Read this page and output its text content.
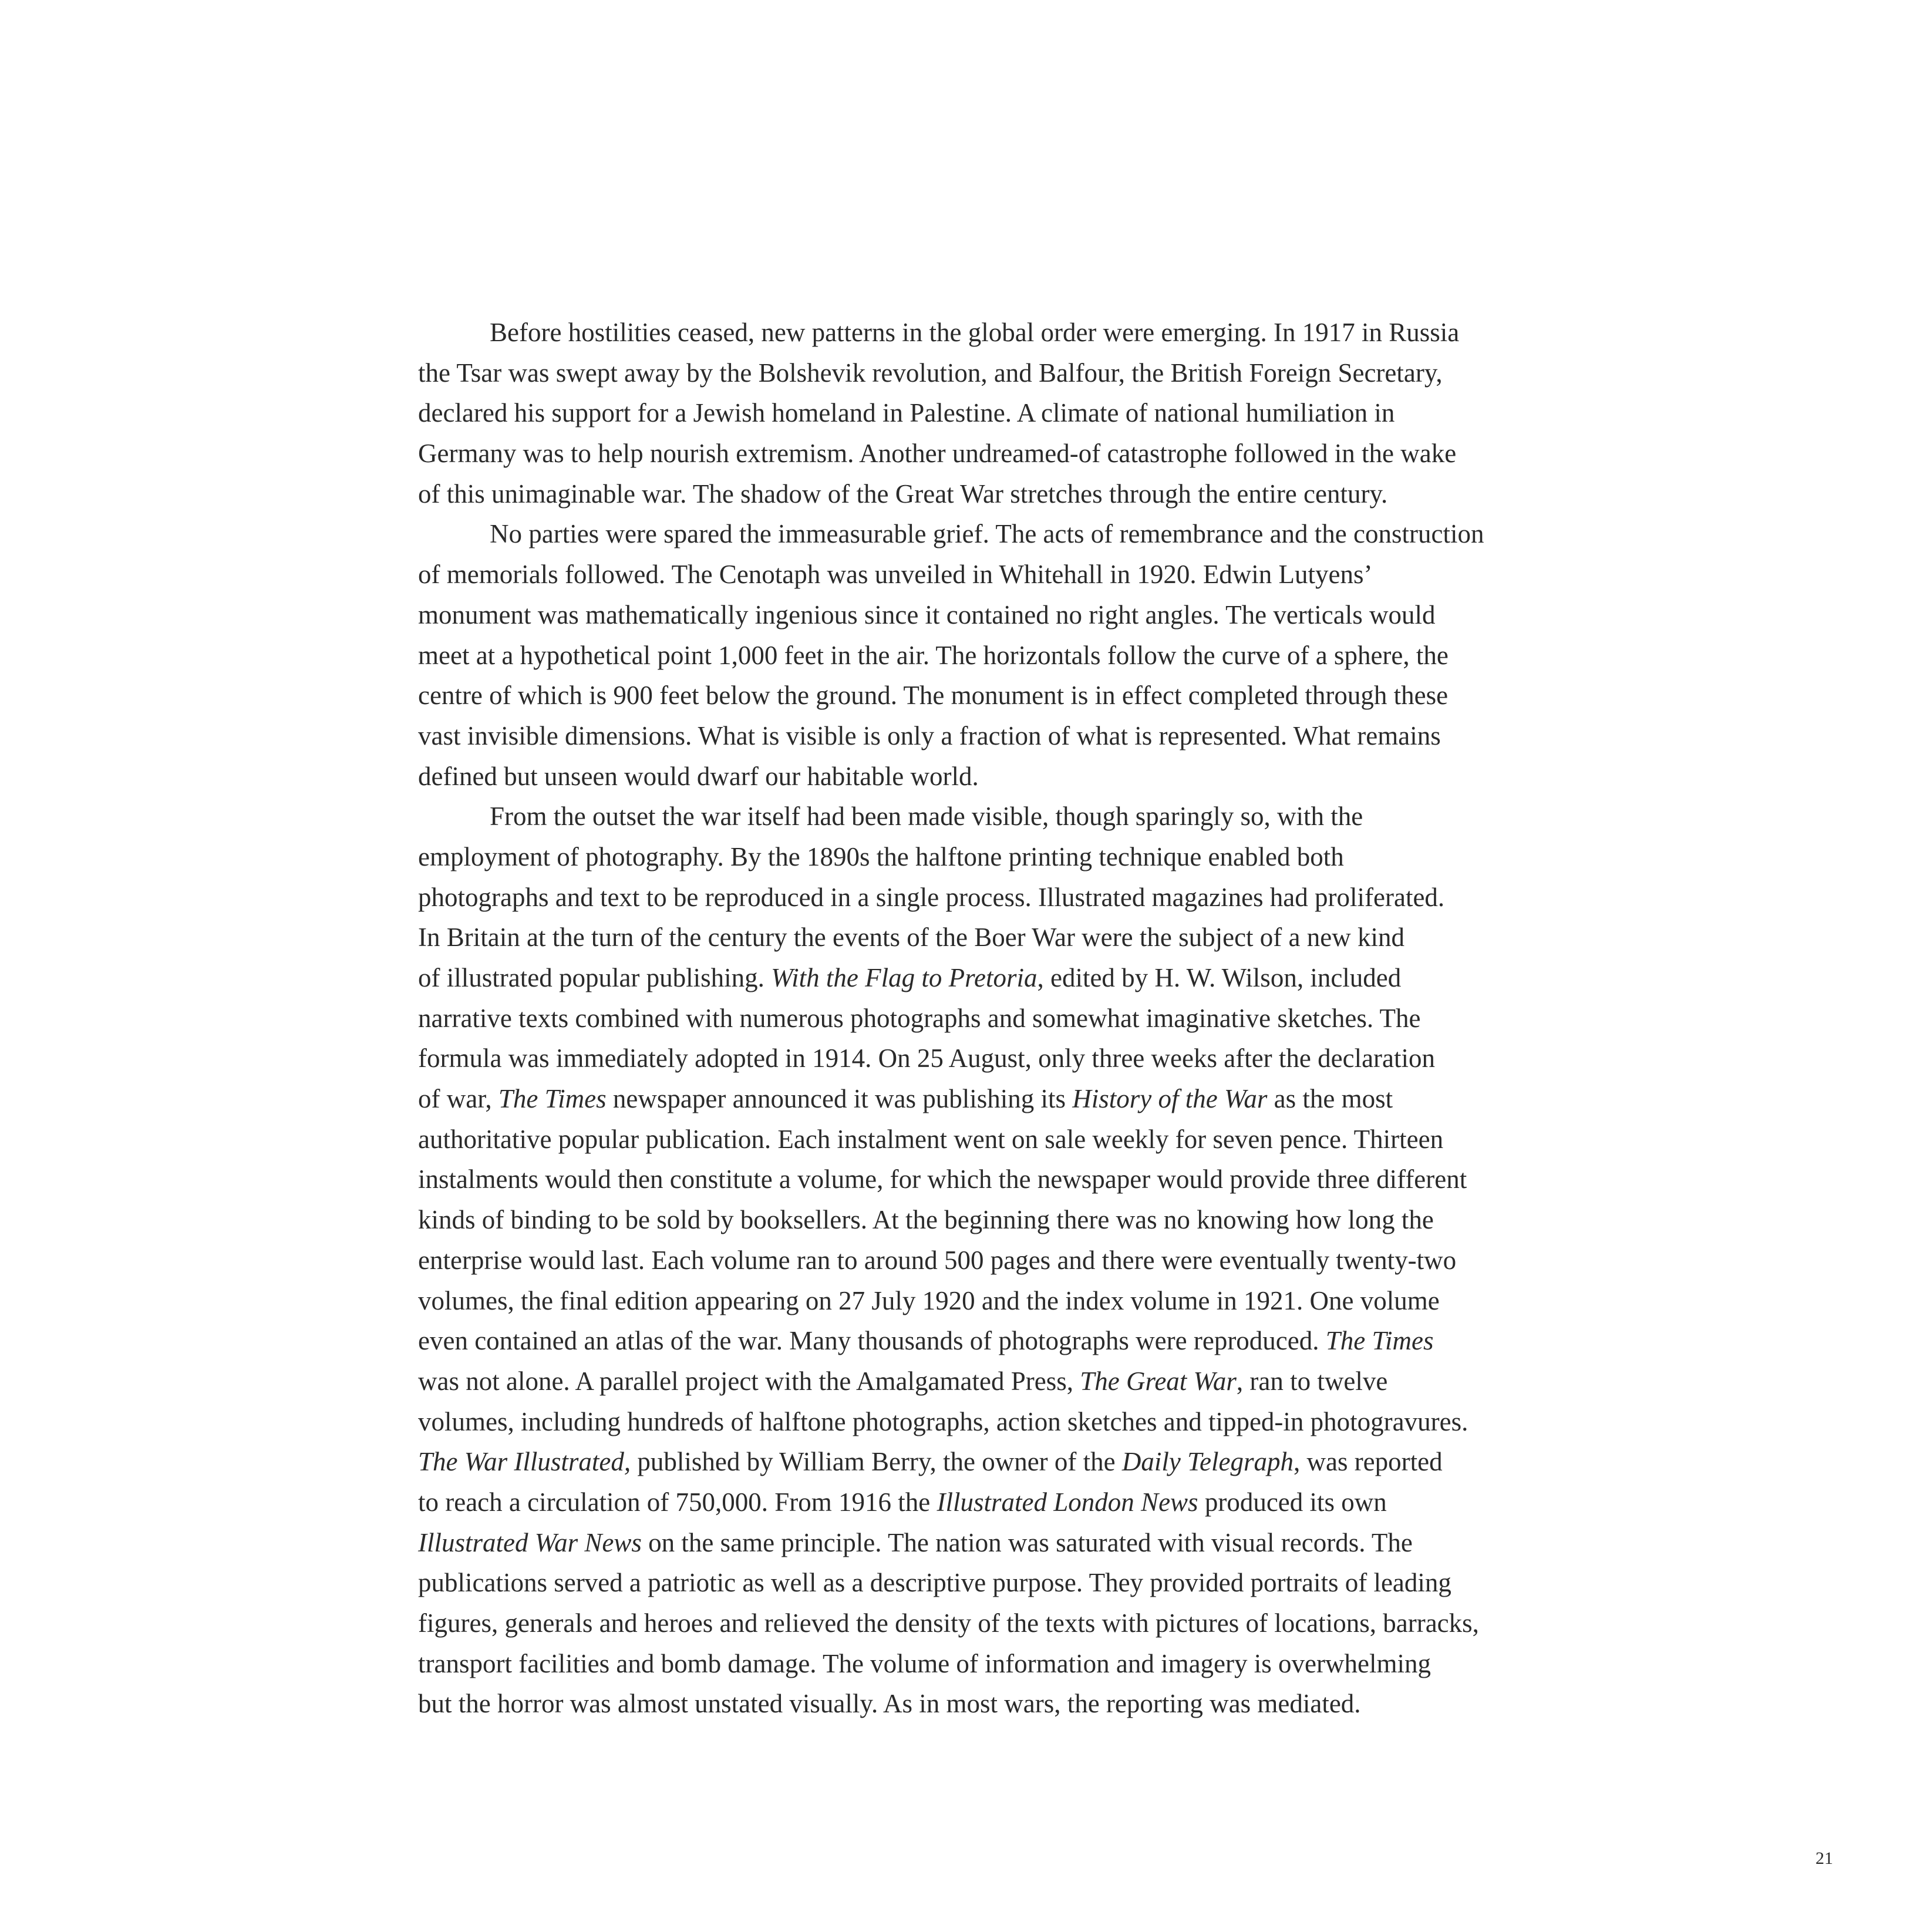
Before hostilities ceased, new patterns in the global order were emerging. In 1917 in Russia
the Tsar was swept away by the Bolshevik revolution, and Balfour, the British Foreign Secretary,
declared his support for a Jewish homeland in Palestine. A climate of national humiliation in
Germany was to help nourish extremism. Another undreamed-of catastrophe followed in the wake
of this unimaginable war. The shadow of the Great War stretches through the entire century.
No parties were spared the immeasurable grief. The acts of remembrance and the construction
of memorials followed. The Cenotaph was unveiled in Whitehall in 1920. Edwin Lutyens’
monument was mathematically ingenious since it contained no right angles. The verticals would
meet at a hypothetical point 1,000 feet in the air. The horizontals follow the curve of a sphere, the
centre of which is 900 feet below the ground. The monument is in effect completed through these
vast invisible dimensions. What is visible is only a fraction of what is represented. What remains
defined but unseen would dwarf our habitable world.
From the outset the war itself had been made visible, though sparingly so, with the
employment of photography. By the 1890s the halftone printing technique enabled both
photographs and text to be reproduced in a single process. Illustrated magazines had proliferated.
In Britain at the turn of the century the events of the Boer War were the subject of a new kind
of illustrated popular publishing. With the Flag to Pretoria, edited by H. W. Wilson, included
narrative texts combined with numerous photographs and somewhat imaginative sketches. The
formula was immediately adopted in 1914. On 25 August, only three weeks after the declaration
of war, The Times newspaper announced it was publishing its History of the War as the most
authoritative popular publication. Each instalment went on sale weekly for seven pence. Thirteen
instalments would then constitute a volume, for which the newspaper would provide three different
kinds of binding to be sold by booksellers. At the beginning there was no knowing how long the
enterprise would last. Each volume ran to around 500 pages and there were eventually twenty-two
volumes, the final edition appearing on 27 July 1920 and the index volume in 1921. One volume
even contained an atlas of the war. Many thousands of photographs were reproduced. The Times
was not alone. A parallel project with the Amalgamated Press, The Great War, ran to twelve
volumes, including hundreds of halftone photographs, action sketches and tipped-in photogravures.
The War Illustrated, published by William Berry, the owner of the Daily Telegraph, was reported
to reach a circulation of 750,000. From 1916 the Illustrated London News produced its own
Illustrated War News on the same principle. The nation was saturated with visual records. The
publications served a patriotic as well as a descriptive purpose. They provided portraits of leading
figures, generals and heroes and relieved the density of the texts with pictures of locations, barracks,
transport facilities and bomb damage. The volume of information and imagery is overwhelming
but the horror was almost unstated visually. As in most wars, the reporting was mediated.
21
